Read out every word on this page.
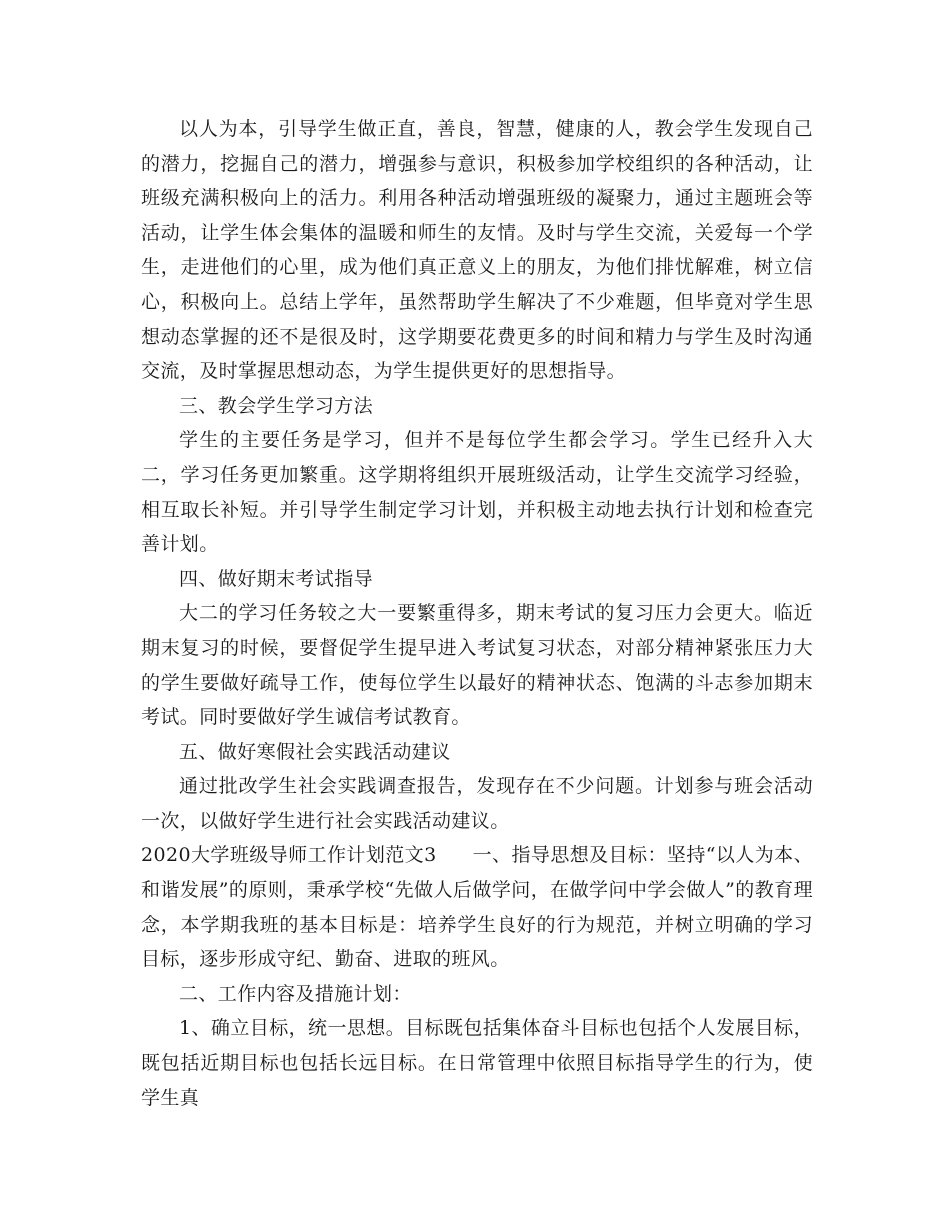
以人为本，引导学生做正直，善良，智慧，健康的人，教会学生发现自己的潜力，挖掘自己的潜力，增强参与意识，积极参加学校组织的各种活动，让班级充满积极向上的活力。利用各种活动增强班级的凝聚力，通过主题班会等活动，让学生体会集体的温暖和师生的友情。及时与学生交流，关爱每一个学生，走进他们的心里，成为他们真正意义上的朋友，为他们排忧解难，树立信心，积极向上。总结上学年，虽然帮助学生解决了不少难题，但毕竟对学生思想动态掌握的还不是很及时，这学期要花费更多的时间和精力与学生及时沟通交流，及时掌握思想动态，为学生提供更好的思想指导。

三、教会学生学习方法

学生的主要任务是学习，但并不是每位学生都会学习。学生已经升入大二，学习任务更加繁重。这学期将组织开展班级活动，让学生交流学习经验，相互取长补短。并引导学生制定学习计划，并积极主动地去执行计划和检查完善计划。

四、做好期末考试指导

大二的学习任务较之大一要繁重得多，期末考试的复习压力会更大。临近期末复习的时候，要督促学生提早进入考试复习状态，对部分精神紧张压力大的学生要做好疏导工作，使每位学生以最好的精神状态、饱满的斗志参加期末考试。同时要做好学生诚信考试教育。

五、做好寒假社会实践活动建议

通过批改学生社会实践调查报告，发现存在不少问题。计划参与班会活动一次，以做好学生进行社会实践活动建议。

2020大学班级导师工作计划范文3 一、指导思想及目标：坚持“以人为本、和谐发展”的原则，秉承学校“先做人后做学问，在做学问中学会做人”的教育理念，本学期我班的基本目标是：培养学生良好的行为规范，并树立明确的学习目标，逐步形成守纪、勤奋、进取的班风。

二、工作内容及措施计划：

1、确立目标，统一思想。目标既包括集体奋斗目标也包括个人发展目标，既包括近期目标也包括长远目标。在日常管理中依照目标指导学生的行为，使学生真
